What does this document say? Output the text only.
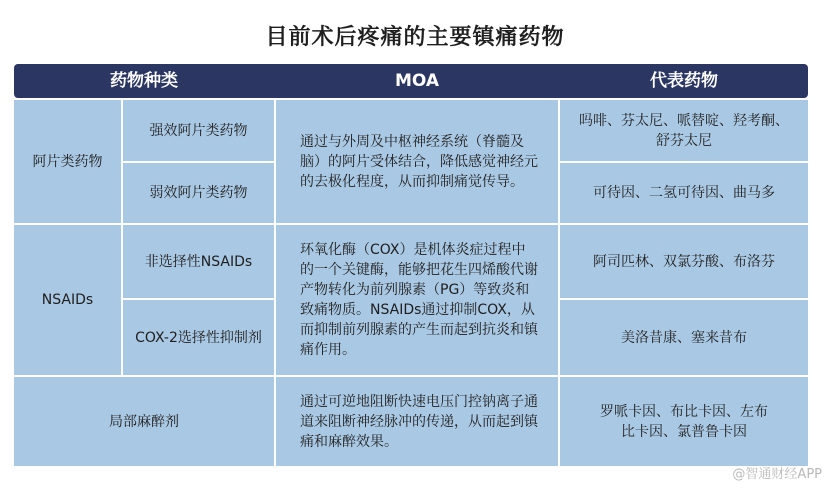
目前术后疼痛的主要镇痛药物
药物种类	MOA	代表药物
阿片类药物
强效阿片类药物
弱效阿片类药物
通过与外周及中枢神经系统（脊髓及脑）的阿片受体结合，降低感觉神经元的去极化程度，从而抑制痛觉传导。
吗啡、芬太尼、哌替啶、羟考酮、舒芬太尼
可待因、二氢可待因、曲马多
NSAIDs
非选择性NSAIDs
COX-2选择性抑制剂
环氧化酶（COX）是机体炎症过程中的一个关键酶，能够把花生四烯酸代谢产物转化为前列腺素（PG）等致炎和致痛物质。NSAIDs通过抑制COX，从而抑制前列腺素的产生而起到抗炎和镇痛作用。
阿司匹林、双氯芬酸、布洛芬
美洛昔康、塞来昔布
局部麻醉剂
通过可逆地阻断快速电压门控钠离子通道来阻断神经脉冲的传递，从而起到镇痛和麻醉效果。
罗哌卡因、布比卡因、左布比卡因、氯普鲁卡因
@智通财经APP
